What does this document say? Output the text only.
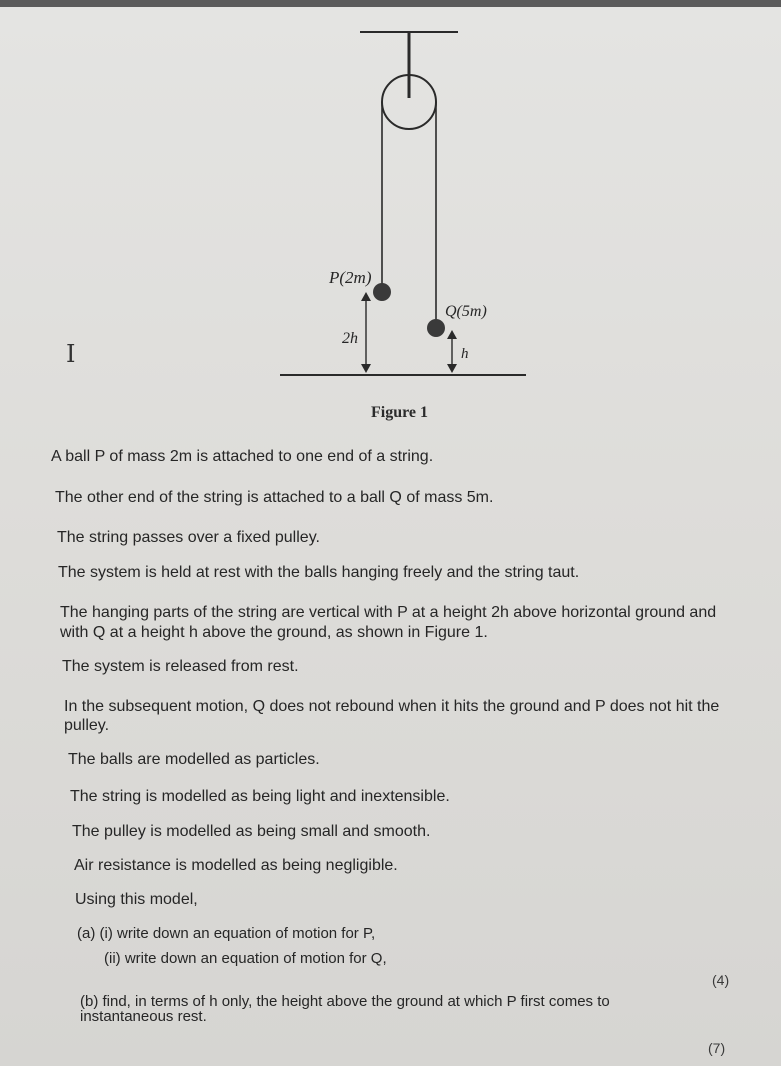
P(2m)
Q(5m)
2h
h
Figure 1
I
A ball P of mass 2m is attached to one end of a string.
The other end of the string is attached to a ball Q of mass 5m.
The string passes over a fixed pulley.
The system is held at rest with the balls hanging freely and the string taut.
The hanging parts of the string are vertical with P at a height 2h above horizontal ground and
with Q at a height h above the ground, as shown in Figure 1.
The system is released from rest.
In the subsequent motion, Q does not rebound when it hits the ground and P does not hit the
pulley.
The balls are modelled as particles.
The string is modelled as being light and inextensible.
The pulley is modelled as being small and smooth.
Air resistance is modelled as being negligible.
Using this model,
(a) (i) write down an equation of motion for P,
(ii) write down an equation of motion for Q,
(4)
(b) find, in terms of h only, the height above the ground at which P first comes to
instantaneous rest.
(7)
